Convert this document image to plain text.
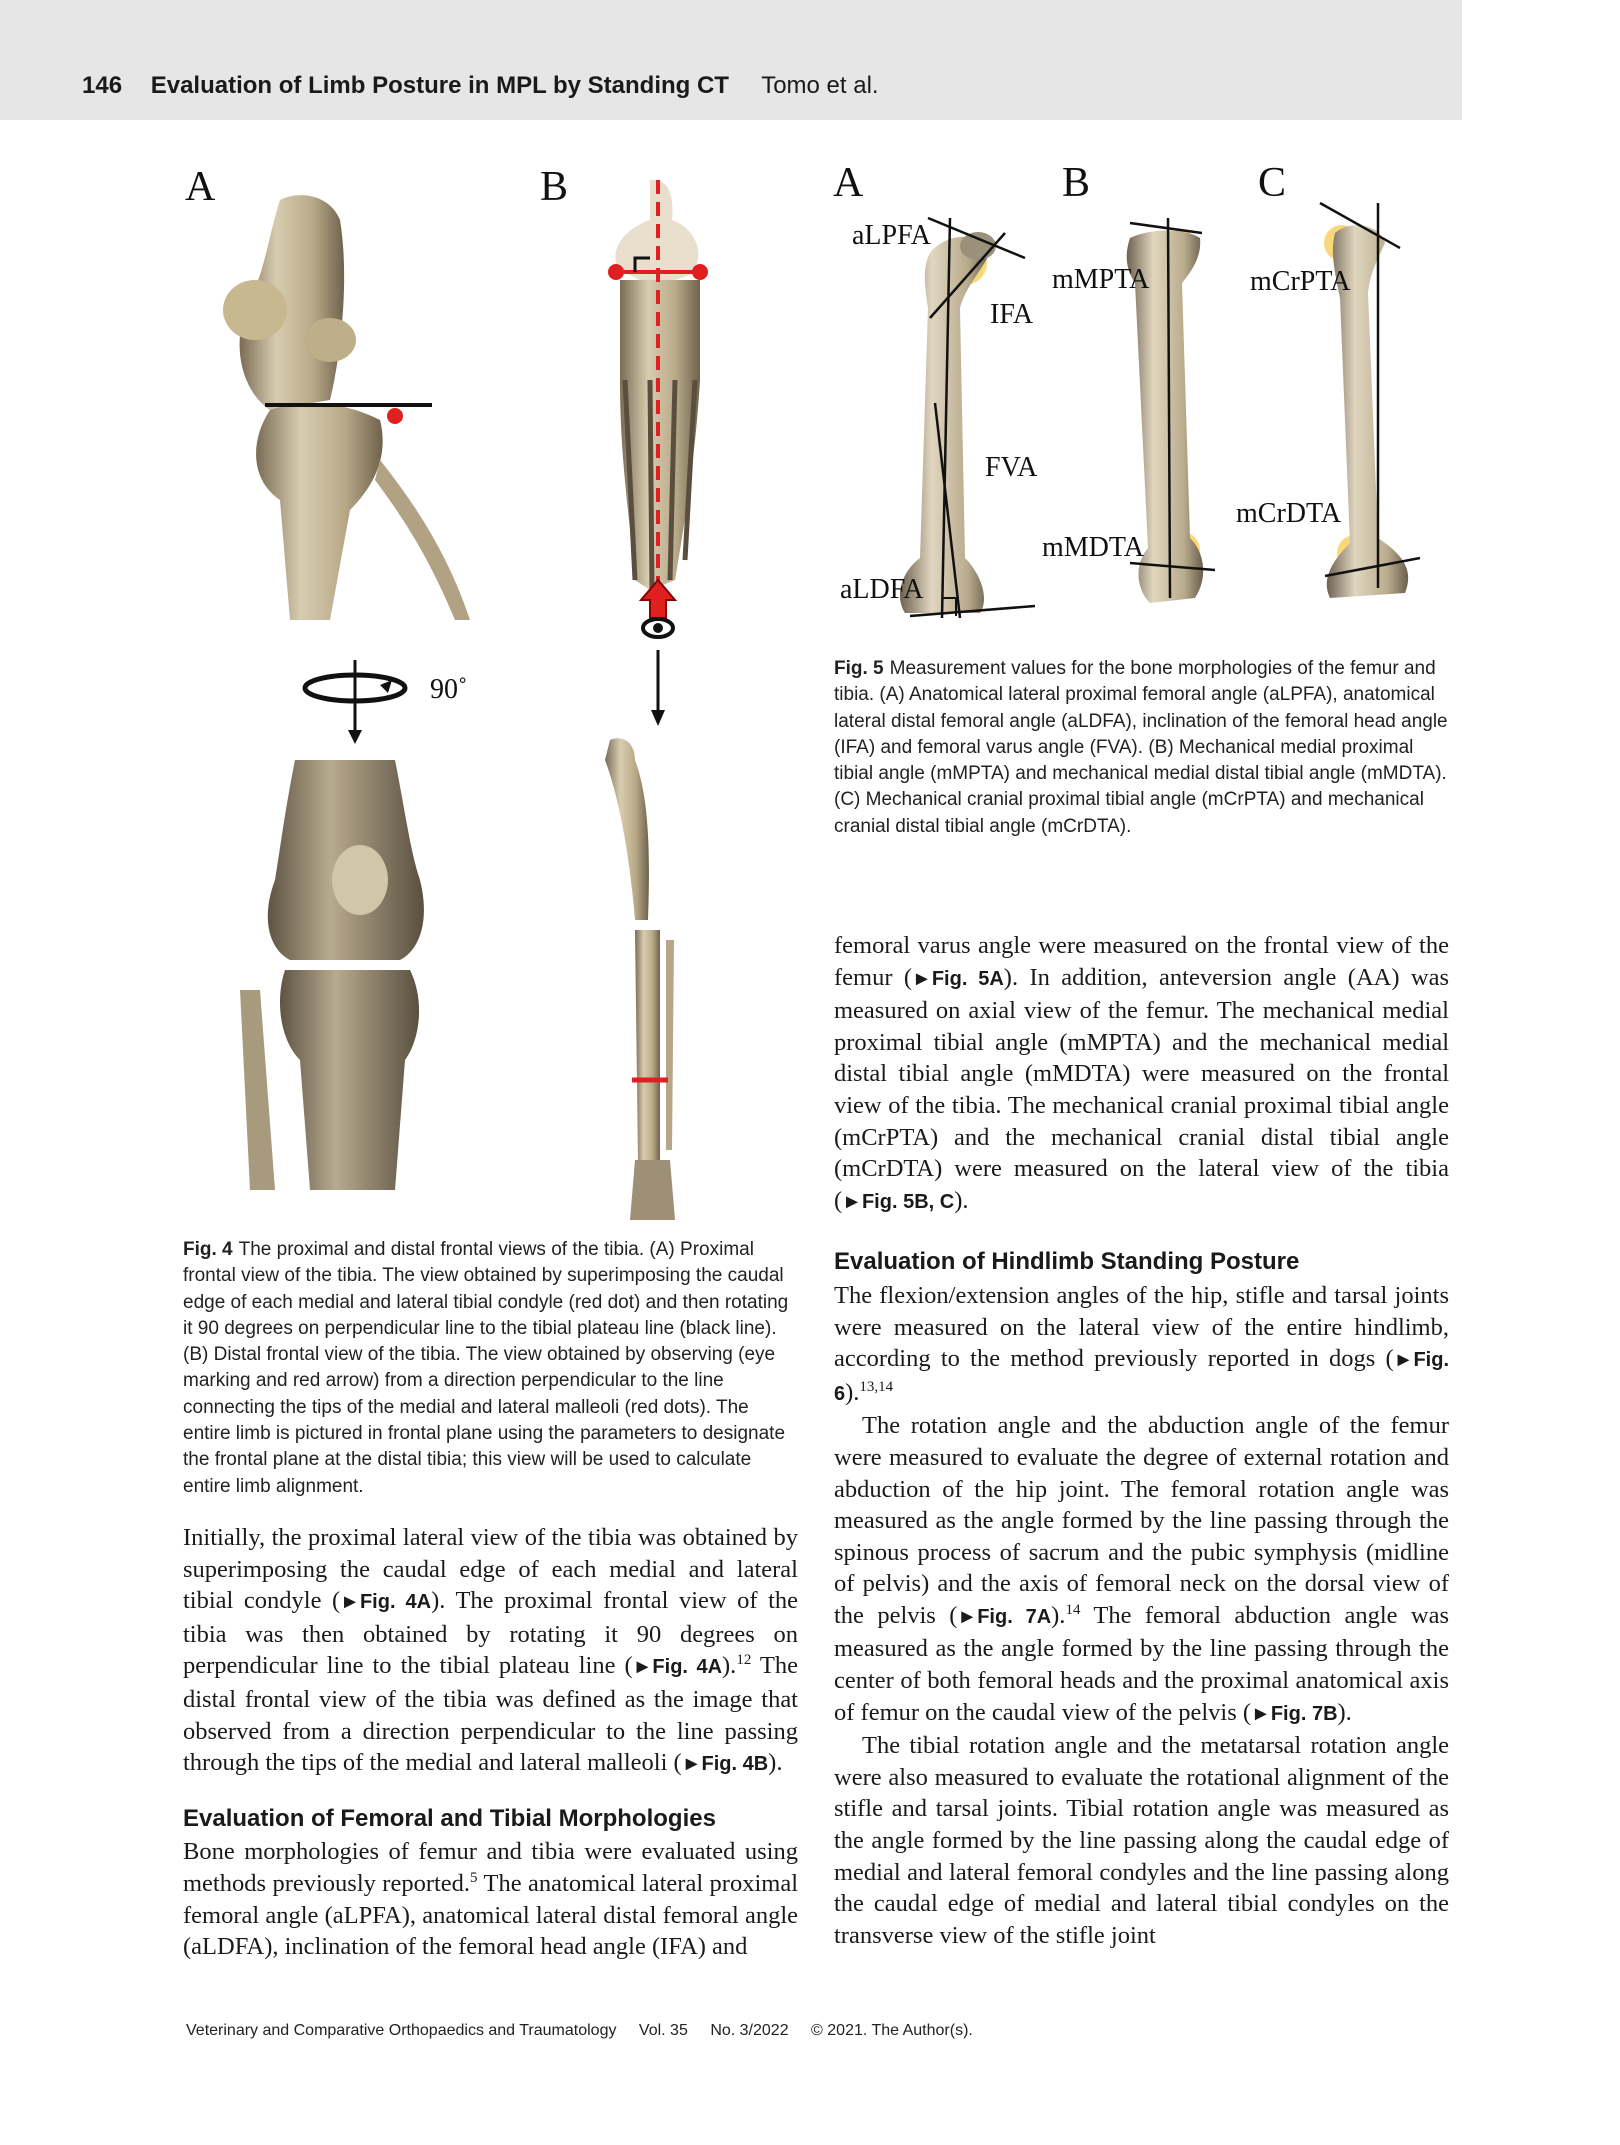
146 Evaluation of Limb Posture in MPL by Standing CT Tomo et al.
A	B
90˚
A	B	C
aLPFA
IFA
FVA
aLDFA
mMPTA
mMDTA
mCrPTA
mCrDTA
Fig. 5 Measurement values for the bone morphologies of the femur and tibia. (A) Anatomical lateral proximal femoral angle (aLPFA), anatomical lateral distal femoral angle (aLDFA), inclination of the femoral head angle (IFA) and femoral varus angle (FVA). (B) Mechanical medial proximal tibial angle (mMPTA) and mechanical medial distal tibial angle (mMDTA). (C) Mechanical cranial proximal tibial angle (mCrPTA) and mechanical cranial distal tibial angle (mCrDTA).
Fig. 4 The proximal and distal frontal views of the tibia. (A) Proximal frontal view of the tibia. The view obtained by superimposing the caudal edge of each medial and lateral tibial condyle (red dot) and then rotating it 90 degrees on perpendicular line to the tibial plateau line (black line). (B) Distal frontal view of the tibia. The view obtained by observing (eye marking and red arrow) from a direction perpendicular to the line connecting the tips of the medial and lateral malleoli (red dots). The entire limb is pictured in frontal plane using the parameters to designate the frontal plane at the distal tibia; this view will be used to calculate entire limb alignment.

Initially, the proximal lateral view of the tibia was obtained by superimposing the caudal edge of each medial and lateral tibial condyle (►Fig. 4A). The proximal frontal view of the tibia was then obtained by rotating it 90 degrees on perpendicular line to the tibial plateau line (►Fig. 4A).$^{12}$ The distal frontal view of the tibia was defined as the image that observed from a direction perpendicular to the line passing through the tips of the medial and lateral malleoli (►Fig. 4B).

Evaluation of Femoral and Tibial Morphologies

Bone morphologies of femur and tibia were evaluated using methods previously reported.$^5$ The anatomical lateral proximal femoral angle (aLPFA), anatomical lateral distal femoral angle (aLDFA), inclination of the femoral head angle (IFA) and

femoral varus angle were measured on the frontal view of the femur (►Fig. 5A). In addition, anteversion angle (AA) was measured on axial view of the femur. The mechanical medial proximal tibial angle (mMPTA) and the mechanical medial distal tibial angle (mMDTA) were measured on the frontal view of the tibia. The mechanical cranial proximal tibial angle (mCrPTA) and the mechanical cranial distal tibial angle (mCrDTA) were measured on the lateral view of the tibia (►Fig. 5B, C).

Evaluation of Hindlimb Standing Posture

The flexion/extension angles of the hip, stifle and tarsal joints were measured on the lateral view of the entire hindlimb, according to the method previously reported in dogs (►Fig. 6).$^{13,14}$

The rotation angle and the abduction angle of the femur were measured to evaluate the degree of external rotation and abduction of the hip joint. The femoral rotation angle was measured as the angle formed by the line passing through the spinous process of sacrum and the pubic symphysis (midline of pelvis) and the axis of femoral neck on the dorsal view of the pelvis (►Fig. 7A).$^{14}$ The femoral abduction angle was measured as the angle formed by the line passing through the center of both femoral heads and the proximal anatomical axis of femur on the caudal view of the pelvis (►Fig. 7B).

The tibial rotation angle and the metatarsal rotation angle were also measured to evaluate the rotational alignment of the stifle and tarsal joints. Tibial rotation angle was measured as the angle formed by the line passing along the caudal edge of medial and lateral femoral condyles and the line passing along the caudal edge of medial and lateral tibial condyles on the transverse view of the stifle joint

Veterinary and Comparative Orthopaedics and Traumatology Vol. 35 No. 3/2022 © 2021. The Author(s).
